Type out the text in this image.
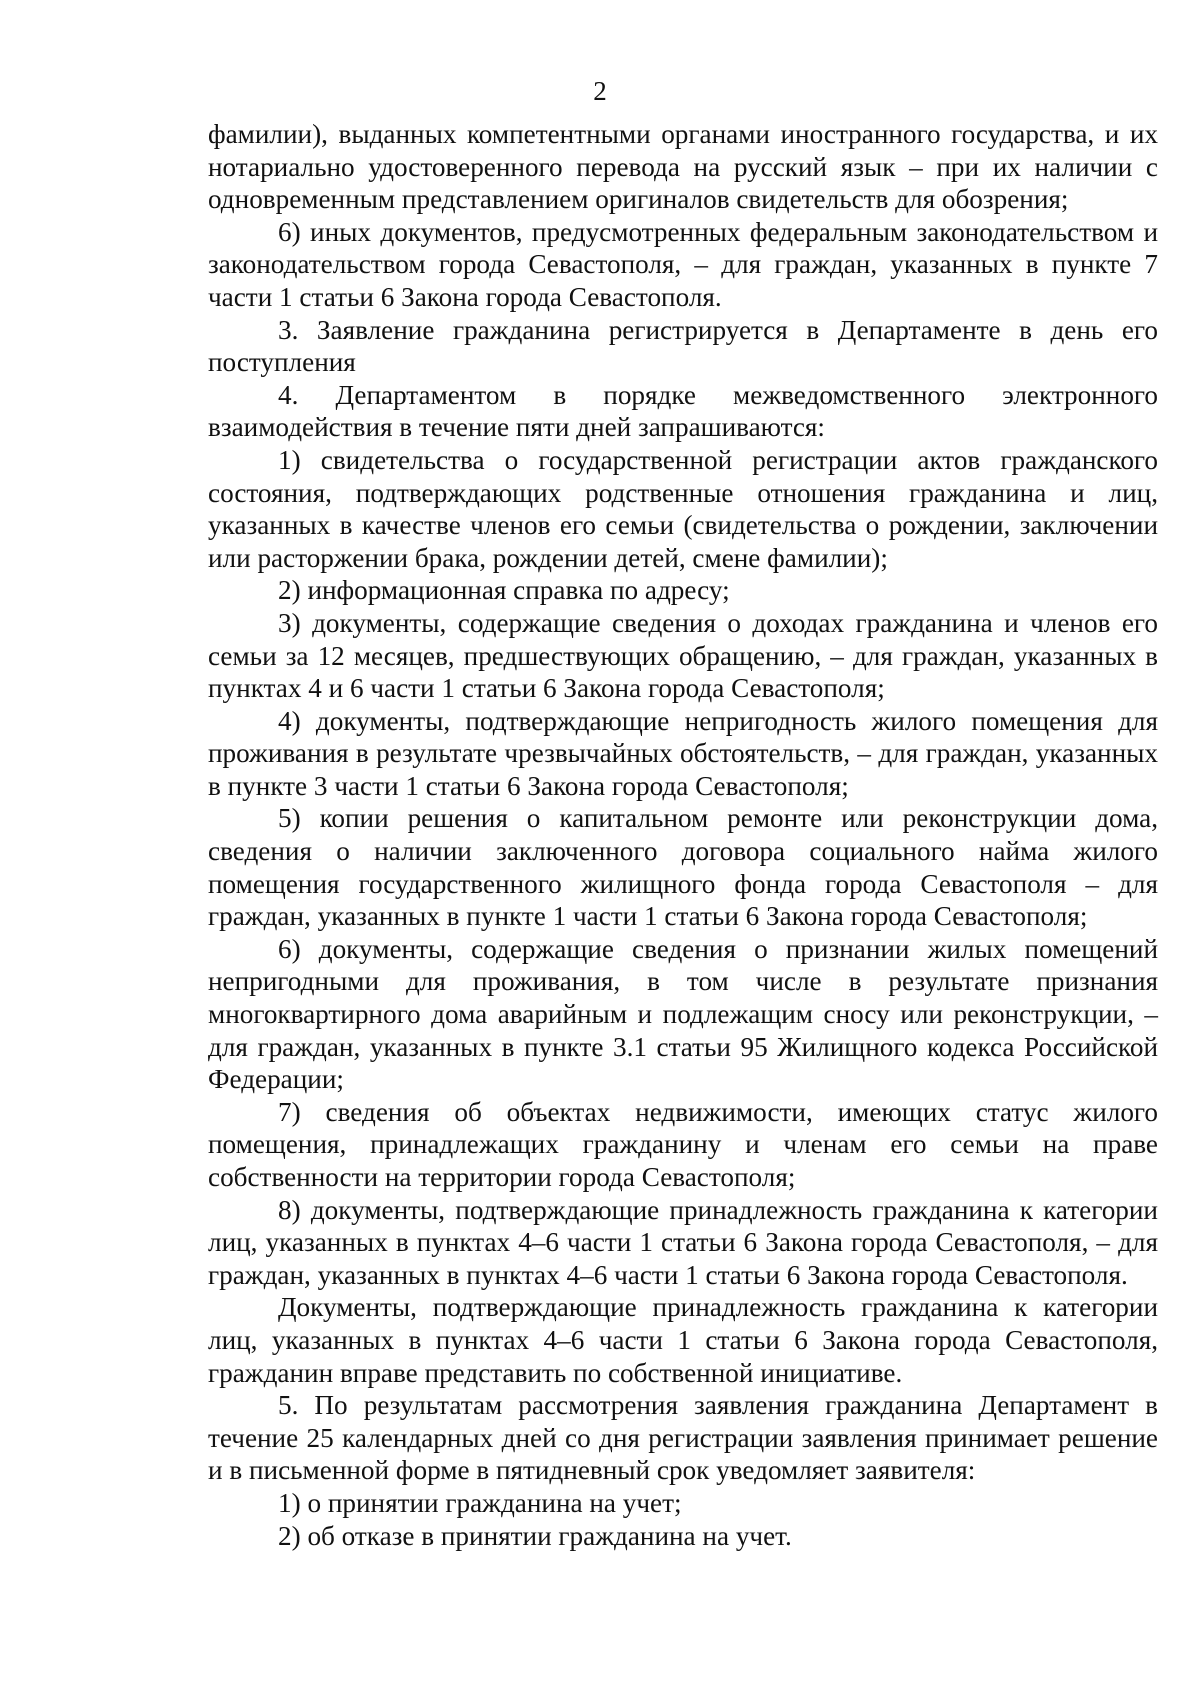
2

фамилии), выданных компетентными органами иностранного государства, и их нотариально удостоверенного перевода на русский язык – при их наличии с одновременным представлением оригиналов свидетельств для обозрения;

6) иных документов, предусмотренных федеральным законодательством и законодательством города Севастополя, – для граждан, указанных в пункте 7 части 1 статьи 6 Закона города Севастополя.

3. Заявление гражданина регистрируется в Департаменте в день его поступления

4. Департаментом в порядке межведомственного электронного взаимодействия в течение пяти дней запрашиваются:

1) свидетельства о государственной регистрации актов гражданского состояния, подтверждающих родственные отношения гражданина и лиц, указанных в качестве членов его семьи (свидетельства о рождении, заключении или расторжении брака, рождении детей, смене фамилии);

2) информационная справка по адресу;

3) документы, содержащие сведения о доходах гражданина и членов его семьи за 12 месяцев, предшествующих обращению, – для граждан, указанных в пунктах 4 и 6 части 1 статьи 6 Закона города Севастополя;

4) документы, подтверждающие непригодность жилого помещения для проживания в результате чрезвычайных обстоятельств, – для граждан, указанных в пункте 3 части 1 статьи 6 Закона города Севастополя;

5) копии решения о капитальном ремонте или реконструкции дома, сведения о наличии заключенного договора социального найма жилого помещения государственного жилищного фонда города Севастополя – для граждан, указанных в пункте 1 части 1 статьи 6 Закона города Севастополя;

6) документы, содержащие сведения о признании жилых помещений непригодными для проживания, в том числе в результате признания многоквартирного дома аварийным и подлежащим сносу или реконструкции, – для граждан, указанных в пункте 3.1 статьи 95 Жилищного кодекса Российской Федерации;

7) сведения об объектах недвижимости, имеющих статус жилого помещения, принадлежащих гражданину и членам его семьи на праве собственности на территории города Севастополя;

8) документы, подтверждающие принадлежность гражданина к категории лиц, указанных в пунктах 4–6 части 1 статьи 6 Закона города Севастополя, – для граждан, указанных в пунктах 4–6 части 1 статьи 6 Закона города Севастополя.

Документы, подтверждающие принадлежность гражданина к категории лиц, указанных в пунктах 4–6 части 1 статьи 6 Закона города Севастополя, гражданин вправе представить по собственной инициативе.

5. По результатам рассмотрения заявления гражданина Департамент в течение 25 календарных дней со дня регистрации заявления принимает решение и в письменной форме в пятидневный срок уведомляет заявителя:

1) о принятии гражданина на учет;

2) об отказе в принятии гражданина на учет.
